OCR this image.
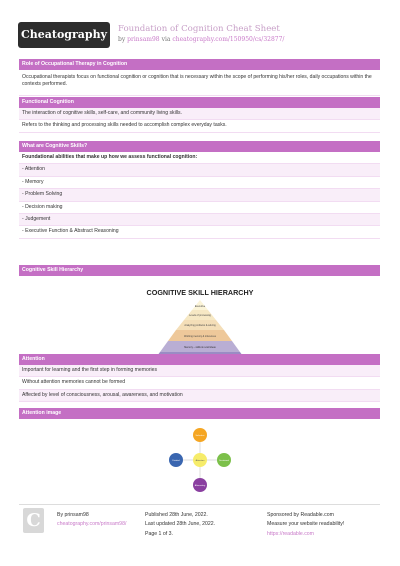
Cheatography	Foundation of Cognition Cheat Sheet
by prinsam98 via cheatography.com/150950/cs/32877/
Role of Occupational Therapy in Cognition
Occupational therapists focus on functional cognition or cognition that is necessary within the scope of performing his/her roles, daily occupations within the contexts performed.
Functional Cognition
The interaction of cognitive skills, self-care, and community living skills.
Refers to the thinking and processing skills needed to accomplish complex everyday tasks.
What are Cognitive Skills?
Foundational abilities that make up how we assess functional cognition:
- Attention
- Memory
- Problem Solving
- Decision making
- Judgement
- Executive Function & Abstract Reasoning
Cognitive Skill Hierarchy
COGNITIVE SKILL HIERARCHY
Executive
Levels of processing
Analyzing problems & solving
Working memory & inferences
Memory – skills & recall ideas
Attention
Important for learning and the first step in forming memories
Without attention memories cannot be formed
Affected by level of consciousness, arousal, awareness, and motivation
Attention image
Selective
Divided	Attention	Sustained
Alternating
C	By prinsam98
cheatography.com/prinsam98/
Published 28th June, 2022.
Last updated 28th June, 2022.
Page 1 of 3.
Sponsored by Readable.com
Measure your website readability!
https://readable.com
